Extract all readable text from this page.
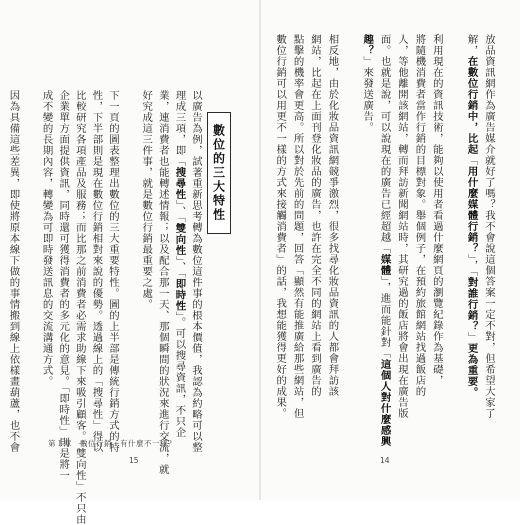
放品資訊網作為廣告媒介就好了嗎？我不會說這個答案一定不對，但希望大家了
解，在數位行銷中，比起「用什麼媒體行銷？」，「對誰行銷？」更為重要。
利用現在的資訊技術，能夠以使用者看過什麼網頁的瀏覽紀錄作為基礎，
將隨機消費者當作行銷的目標對象。舉個例子，在預約旅館網站找過飯店的
人，等他離開該網站，轉而拜訪新聞網站時，其研究過的飯店將會出現在廣告版
面。也就是說，可以說現在的廣告已經超越「媒體」，進而能針對「這個人對什麼感興
趣？」來發送廣告。
相反地，由於化妝品資訊網競爭激烈，很多找尋化妝品資訊的人都會拜訪該
網站，比起在上面刊登化妝品的廣告，也許在完全不同的網站上看到廣告的
點擊的機率會更高。所以對於先前的問題，回答「顯然有能推廣給那些網站，但
數位行銷可以用更不一樣的方式來接觸消費者」的話，我想能獲得更好的成果。
以廣告為例，試著重新思考轉為數位這件事的根本價值，我認為約略可以整
理成三項，即「搜尋性」、「雙向性」、「即時性」。可以搜尋資訊，不只企
業，連消費者也能轉述情報；以及配合那一天、那個瞬間的狀況來進行交流，就
好究成這三件事，就是數位行銷最重要之處。
下一頁的圖表整理出數位的三大重要特性。圖的上半部是傳統行銷方式的特
性，下半部則是現在數位行銷相對來說的優勢。透過線上的「搜尋性」得以
比較研究各項產品及服務；而比那之前消費者必需求助線下來吸引顧客。「雙向性」不只由
企業單方面提供資訊，同時還可獲得消費者的多元化的意見。「即時性」則是將一
成不變的長期內容，轉變為可即時發送訊息的交流溝通方式。
因為具備這些差異，即使將原本線下做的事情搬到線上依樣畫葫蘆，也不會	數位的三大特性
第１章　數位行銷，有什麼不一樣？
15	14
